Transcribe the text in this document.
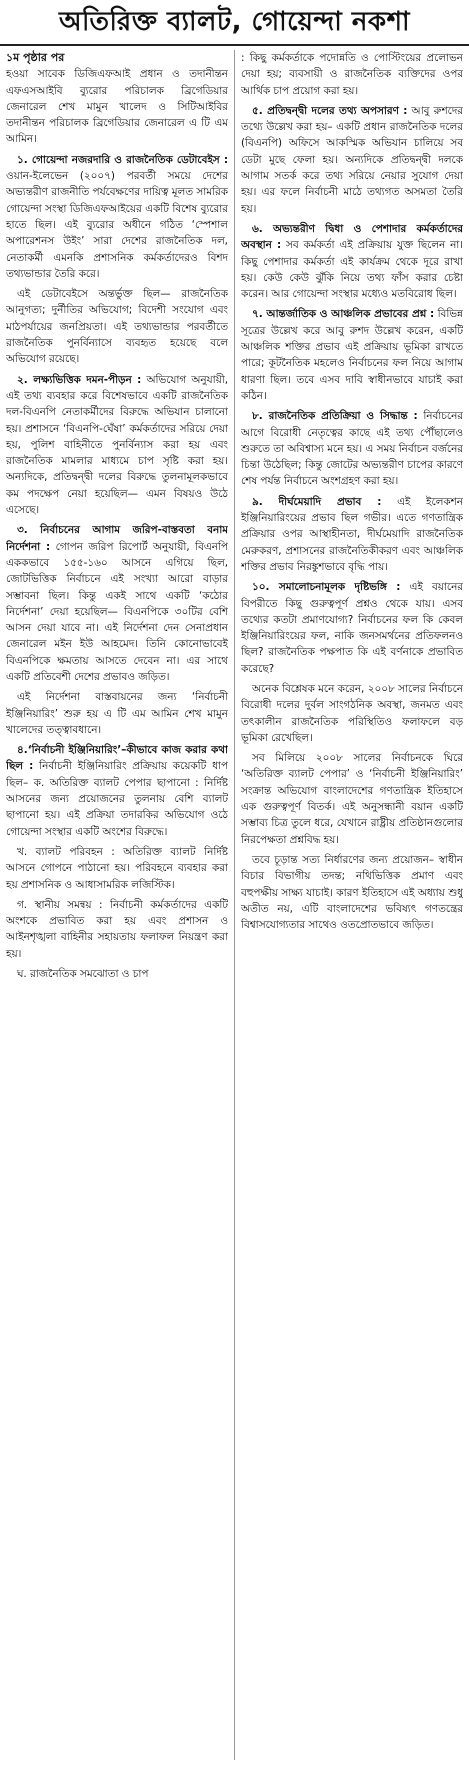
অতিরিক্ত ব্যালট, গোয়েন্দা নকশা

১ম পৃষ্ঠার পর

হওয়া সাবেক ডিজিএফআই প্রধান ও তদানীন্তন এফএসআইবি ব্যুরোর পরিচালক ব্রিগেডিয়ার জেনারেল শেখ মামুন খালেদ ও সিটিআইবির তদানীন্তন পরিচালক ব্রিগেডিয়ার জেনারেল এ টি এম আমিন।

১. গোয়েন্দা নজরদারি ও রাজনৈতিক ডেটাবেইস : ওয়ান-ইলেভেন (২০০৭) পরবর্তী সময়ে দেশের অভ্যন্তরীণ রাজনীতি পর্যবেক্ষণের দায়িত্ব মূলত সামরিক গোয়েন্দা সংস্থা ডিজিএফআইয়ের একটি বিশেষ ব্যুরোর হাতে ছিল। এই ব্যুরোর অধীনে গঠিত ‘স্পেশাল অপারেশনস উইং’ সারা দেশের রাজনৈতিক দল, নেতাকর্মী এমনকি প্রশাসনিক কর্মকর্তাদেরও বিশদ তথ্যভান্ডার তৈরি করে।

এই ডেটাবেইসে অন্তর্ভুক্ত ছিল— রাজনৈতিক আনুগত্য; দুর্নীতির অভিযোগ; বিদেশী সংযোগ এবং মাঠপর্যায়ের জনপ্রিয়তা। এই তথ্যভান্ডার পরবর্তীতে রাজনৈতিক পুনর্বিন্যাসে ব্যবহৃত হয়েছে বলে অভিযোগ রয়েছে।

২. লক্ষ্যভিত্তিক দমন-পীড়ন : অভিযোগ অনুযায়ী, এই তথ্য ব্যবহার করে বিশেষভাবে একটি রাজনৈতিক দল-বিএনপি নেতাকর্মীদের বিরুদ্ধে অভিযান চালানো হয়। প্রশাসনে ‘বিএনপি-ঘেঁষা’ কর্মকর্তাদের সরিয়ে দেয়া হয়, পুলিশ বাহিনীতে পুনর্বিন্যাস করা হয় এবং রাজনৈতিক মামলার মাধ্যমে চাপ সৃষ্টি করা হয়। অন্যদিকে, প্রতিদ্বন্দ্বী দলের বিরুদ্ধে তুলনামূলকভাবে কম পদক্ষেপ নেয়া হয়েছিল— এমন বিষয়ও উঠে এসেছে।

৩. নির্বাচনের আগাম জরিপ-বাস্তবতা বনাম নির্দেশনা : গোপন জরিপ রিপোর্ট অনুযায়ী, বিএনপি এককভাবে ১৫৫-১৬০ আসনে এগিয়ে ছিল, জোটভিত্তিক নির্বাচনে এই সংখ্যা আরো বাড়ার সম্ভাবনা ছিল। কিন্তু একই সাথে একটি ‘কঠোর নির্দেশনা’ দেয়া হয়েছিল— বিএনপিকে ৩০টির বেশি আসন দেয়া যাবে না। এই নির্দেশনা দেন সেনাপ্রধান জেনারেল মইন ইউ আহমেদ। তিনি কোনোভাবেই বিএনপিকে ক্ষমতায় আসতে দেবেন না। এর সাথে একটি প্রতিবেশী দেশের প্রভাবও জড়িত।

এই নির্দেশনা বাস্তবায়নের জন্য ‘নির্বাচনী ইঞ্জিনিয়ারিং’ শুরু হয় এ টি এম আমিন শেখ মামুন খালেদের তত্ত্বাবধানে।

৪.‘নির্বাচনী ইঞ্জিনিয়ারিং’–কীভাবে কাজ করার কথা ছিল : নির্বাচনী ইঞ্জিনিয়ারিং প্রক্রিয়ায় কয়েকটি ধাপ ছিল– ক. অতিরিক্ত ব্যালট পেপার ছাপানো : নির্দিষ্ট আসনের জন্য প্রয়োজনের তুলনায় বেশি ব্যালট ছাপানো হয়। এই প্রক্রিয়া তদারকির অভিযোগ ওঠে গোয়েন্দা সংস্থার একটি অংশের বিরুদ্ধে।

খ. ব্যালট পরিবহন : অতিরিক্ত ব্যালট নির্দিষ্ট আসনে গোপনে পাঠানো হয়। পরিবহনে ব্যবহার করা হয় প্রশাসনিক ও আধাসামরিক লজিস্টিক।

গ. স্থানীয় সমন্বয় : নির্বাচনী কর্মকর্তাদের একটি অংশকে প্রভাবিত করা হয় এবং প্রশাসন ও আইনশৃঙ্খলা বাহিনীর সহায়তায় ফলাফল নিয়ন্ত্রণ করা হয়।

ঘ. রাজনৈতিক সমঝোতা ও চাপ

: কিছু কর্মকর্তাকে পদোন্নতি ও পোস্টিংয়ের প্রলোভন দেয়া হয়; ব্যবসায়ী ও রাজনৈতিক ব্যক্তিদের ওপর আর্থিক চাপ প্রয়োগ করা হয়।

৫. প্রতিদ্বন্দ্বী দলের তথ্য অপসারণ : আবু রুশদের তথ্যে উল্লেখ করা হয়– একটি প্রধান রাজনৈতিক দলের (বিএনপি) অফিসে আকস্মিক অভিযান চালিয়ে সব ডেটা মুছে ফেলা হয়। অন্যদিকে প্রতিদ্বন্দ্বী দলকে আগাম সতর্ক করে তথ্য সরিয়ে নেয়ার সুযোগ দেয়া হয়। এর ফলে নির্বাচনী মাঠে তথ্যগত অসমতা তৈরি হয়।

৬. অভ্যন্তরীণ দ্বিধা ও পেশাদার কর্মকর্তাদের অবস্থান : সব কর্মকর্তা এই প্রক্রিয়ায় যুক্ত ছিলেন না। কিছু পেশাদার কর্মকর্তা এই কার্যক্রম থেকে দূরে রাখা হয়। কেউ কেউ ঝুঁকি নিয়ে তথ্য ফাঁস করার চেষ্টা করেন। আর গোয়েন্দা সংস্থার মধ্যেও মতবিরোধ ছিল।

৭. আন্তর্জাতিক ও আঞ্চলিক প্রভাবের প্রশ্ন : বিভিন্ন সূত্রের উল্লেখ করে আবু রুশদ উল্লেখ করেন, একটি আঞ্চলিক শক্তির প্রভাব এই প্রক্রিয়ায় ভূমিকা রাখতে পারে; কূটনৈতিক মহলেও নির্বাচনের ফল নিয়ে আগাম ধারণা ছিল। তবে এসব দাবি স্বাধীনভাবে যাচাই করা কঠিন।

৮. রাজনৈতিক প্রতিক্রিয়া ও সিদ্ধান্ত : নির্বাচনের আগে বিরোধী নেতৃত্বের কাছে এই তথ্য পৌঁছালেও শুরুতে তা অবিশ্বাস্য মনে হয়। এ সময় নির্বাচন বর্জনের চিন্তা উঠেছিল; কিন্তু জোটের অভ্যন্তরীণ চাপের কারণে শেষ পর্যন্ত নির্বাচনে অংশগ্রহণ করা হয়।

৯. দীর্ঘমেয়াদি প্রভাব : এই ইলেকশন ইঞ্জিনিয়ারিংয়ের প্রভাব ছিল গভীর। এতে গণতান্ত্রিক প্রক্রিয়ার ওপর আস্থাহীনতা, দীর্ঘমেয়াদি রাজনৈতিক মেরুকরণ, প্রশাসনের রাজনৈতিকীকরণ এবং আঞ্চলিক শক্তির প্রভাব নিরঙ্কুশভাবে বৃদ্ধি পায়।

১০. সমালোচনামূলক দৃষ্টিভঙ্গি : এই বয়ানের বিপরীতে কিছু গুরুত্বপূর্ণ প্রশ্নও থেকে যায়। এসব তথ্যের কতটা প্রমাণযোগ্য? নির্বাচনের ফল কি কেবল ইঞ্জিনিয়ারিংয়ের ফল, নাকি জনসমর্থনের প্রতিফলনও ছিল? রাজনৈতিক পক্ষপাত কি এই বর্ণনাকে প্রভাবিত করেছে?

অনেক বিশ্লেষক মনে করেন, ২০০৮ সালের নির্বাচনে বিরোধী দলের দুর্বল সাংগঠনিক অবস্থা, জনমত এবং তৎকালীন রাজনৈতিক পরিস্থিতিও ফলাফলে বড় ভূমিকা রেখেছিল।

সব মিলিয়ে ২০০৮ সালের নির্বাচনকে ঘিরে ‘অতিরিক্ত ব্যালট পেপার’ ও ‘নির্বাচনী ইঞ্জিনিয়ারিং’ সংক্রান্ত অভিযোগ বাংলাদেশের গণতান্ত্রিক ইতিহাসে এক গুরুত্বপূর্ণ বিতর্ক। এই অনুসন্ধানী বয়ান একটি সম্ভাব্য চিত্র তুলে ধরে, যেখানে রাষ্ট্রীয় প্রতিষ্ঠানগুলোর নিরপেক্ষতা প্রশ্নবিদ্ধ হয়।

তবে চূড়ান্ত সত্য নির্ধারণের জন্য প্রয়োজন– স্বাধীন বিচার বিভাগীয় তদন্ত; নথিভিত্তিক প্রমাণ এবং বহুপক্ষীয় সাক্ষ্য যাচাই। কারণ ইতিহাসে এই অধ্যায় শুধু অতীত নয়, এটি বাংলাদেশের ভবিষ্যৎ গণতন্ত্রের বিশ্বাসযোগ্যতার সাথেও ওতপ্রোতভাবে জড়িত।
